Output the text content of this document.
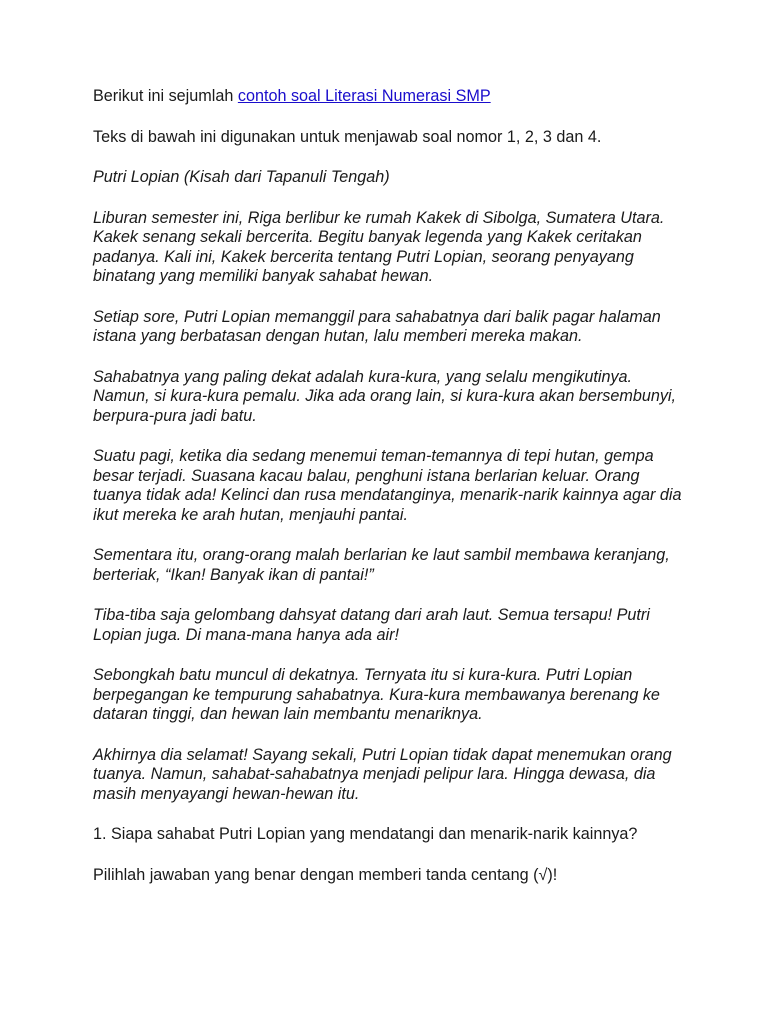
Berikut ini sejumlah contoh soal Literasi Numerasi SMP

Teks di bawah ini digunakan untuk menjawab soal nomor 1, 2, 3 dan 4.

Putri Lopian (Kisah dari Tapanuli Tengah)

Liburan semester ini, Riga berlibur ke rumah Kakek di Sibolga, Sumatera Utara. Kakek senang sekali bercerita. Begitu banyak legenda yang Kakek ceritakan padanya. Kali ini, Kakek bercerita tentang Putri Lopian, seorang penyayang binatang yang memiliki banyak sahabat hewan.

Setiap sore, Putri Lopian memanggil para sahabatnya dari balik pagar halaman istana yang berbatasan dengan hutan, lalu memberi mereka makan.

Sahabatnya yang paling dekat adalah kura-kura, yang selalu mengikutinya. Namun, si kura-kura pemalu. Jika ada orang lain, si kura-kura akan bersembunyi, berpura-pura jadi batu.

Suatu pagi, ketika dia sedang menemui teman-temannya di tepi hutan, gempa besar terjadi. Suasana kacau balau, penghuni istana berlarian keluar. Orang tuanya tidak ada! Kelinci dan rusa mendatanginya, menarik-narik kainnya agar dia ikut mereka ke arah hutan, menjauhi pantai.

Sementara itu, orang-orang malah berlarian ke laut sambil membawa keranjang, berteriak, “Ikan! Banyak ikan di pantai!”

Tiba-tiba saja gelombang dahsyat datang dari arah laut. Semua tersapu! Putri Lopian juga. Di mana-mana hanya ada air!

Sebongkah batu muncul di dekatnya. Ternyata itu si kura-kura. Putri Lopian berpegangan ke tempurung sahabatnya. Kura-kura membawanya berenang ke dataran tinggi, dan hewan lain membantu menariknya.

Akhirnya dia selamat! Sayang sekali, Putri Lopian tidak dapat menemukan orang tuanya. Namun, sahabat-sahabatnya menjadi pelipur lara. Hingga dewasa, dia masih menyayangi hewan-hewan itu.

1. Siapa sahabat Putri Lopian yang mendatangi dan menarik-narik kainnya?

Pilihlah jawaban yang benar dengan memberi tanda centang (√)!
